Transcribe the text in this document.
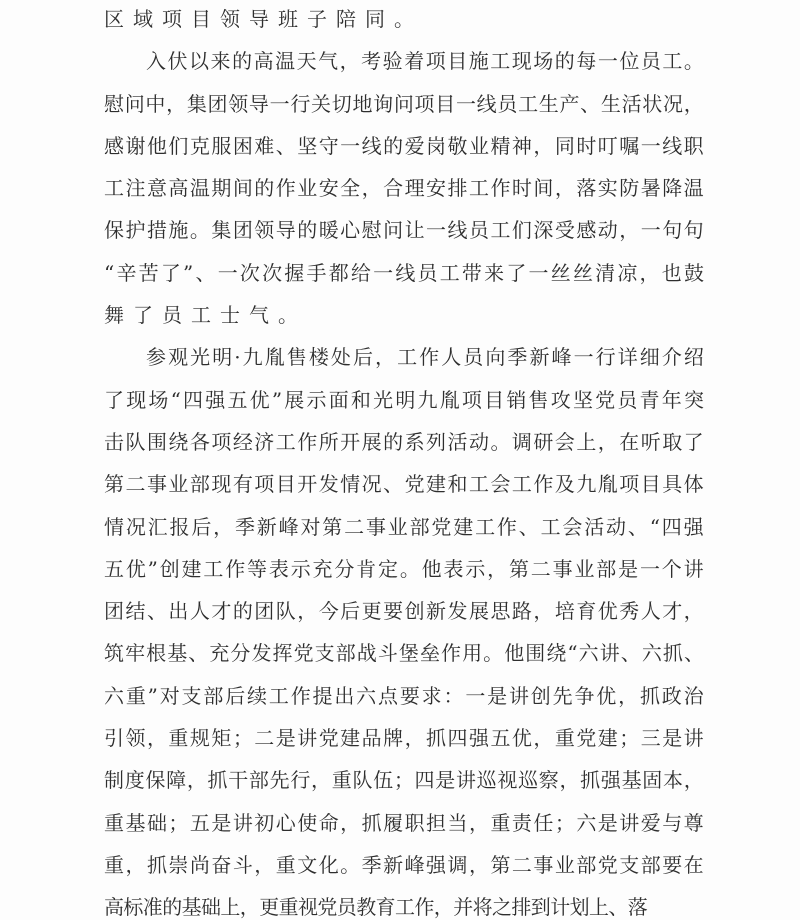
区域项目领导班子陪同。
入 伏 以 来 的 高 温 天 气 ， 考 验 着 项 目 施 工 现 场 的 每 一 位 员 工 。
慰 问 中 ， 集 团 领 导 一 行 关 切 地 询 问 项 目 一 线 员 工 生 产 、 生 活 状 况 ，
感 谢 他 们 克 服 困 难 、 坚 守 一 线 的 爱 岗 敬 业 精 神 ， 同 时 叮 嘱 一 线 职
工 注 意 高 温 期 间 的 作 业 安 全 ， 合 理 安 排 工 作 时 间 ， 落 实 防 暑 降 温
保 护 措 施 。 集 团 领 导 的 暖 心 慰 问 让 一 线 员 工 们 深 受 感 动 ， 一 句 句
“ 辛 苦 了 ” 、 一 次 次 握 手 都 给 一 线 员 工 带 来 了 一 丝 丝 清 凉 ， 也 鼓
舞了员工士气。
参 观 光 明 · 九 胤 售 楼 处 后 ， 工 作 人 员 向 季 新 峰 一 行 详 细 介 绍
了 现 场 “ 四 强 五 优 ” 展 示 面 和 光 明 九 胤 项 目 销 售 攻 坚 党 员 青 年 突
击 队 围 绕 各 项 经 济 工 作 所 开 展 的 系 列 活 动 。 调 研 会 上 ， 在 听 取 了
第 二 事 业 部 现 有 项 目 开 发 情 况 、 党 建 和 工 会 工 作 及 九 胤 项 目 具 体
情 况 汇 报 后 ， 季 新 峰 对 第 二 事 业 部 党 建 工 作 、 工 会 活 动 、 “ 四 强
五 优 ” 创 建 工 作 等 表 示 充 分 肯 定 。 他 表 示 ， 第 二 事 业 部 是 一 个 讲
团 结 、 出 人 才 的 团 队 ， 今 后 更 要 创 新 发 展 思 路 ， 培 育 优 秀 人 才 ，
筑 牢 根 基 、 充 分 发 挥 党 支 部 战 斗 堡 垒 作 用 。 他 围 绕 “ 六 讲 、 六 抓 、
六 重 ” 对 支 部 后 续 工 作 提 出 六 点 要 求 ： 一 是 讲 创 先 争 优 ， 抓 政 治
引 领 ， 重 规 矩 ； 二 是 讲 党 建 品 牌 ， 抓 四 强 五 优 ， 重 党 建 ； 三 是 讲
制 度 保 障 ， 抓 干 部 先 行 ， 重 队 伍 ； 四 是 讲 巡 视 巡 察 ， 抓 强 基 固 本 ，
重 基 础 ； 五 是 讲 初 心 使 命 ， 抓 履 职 担 当 ， 重 责 任 ； 六 是 讲 爱 与 尊
重 ， 抓 崇 尚 奋 斗 ， 重 文 化 。 季 新 峰 强 调 ， 第 二 事 业 部 党 支 部 要 在
高标准的基础上，更重视党员教育工作，并将之排到计划上、落
